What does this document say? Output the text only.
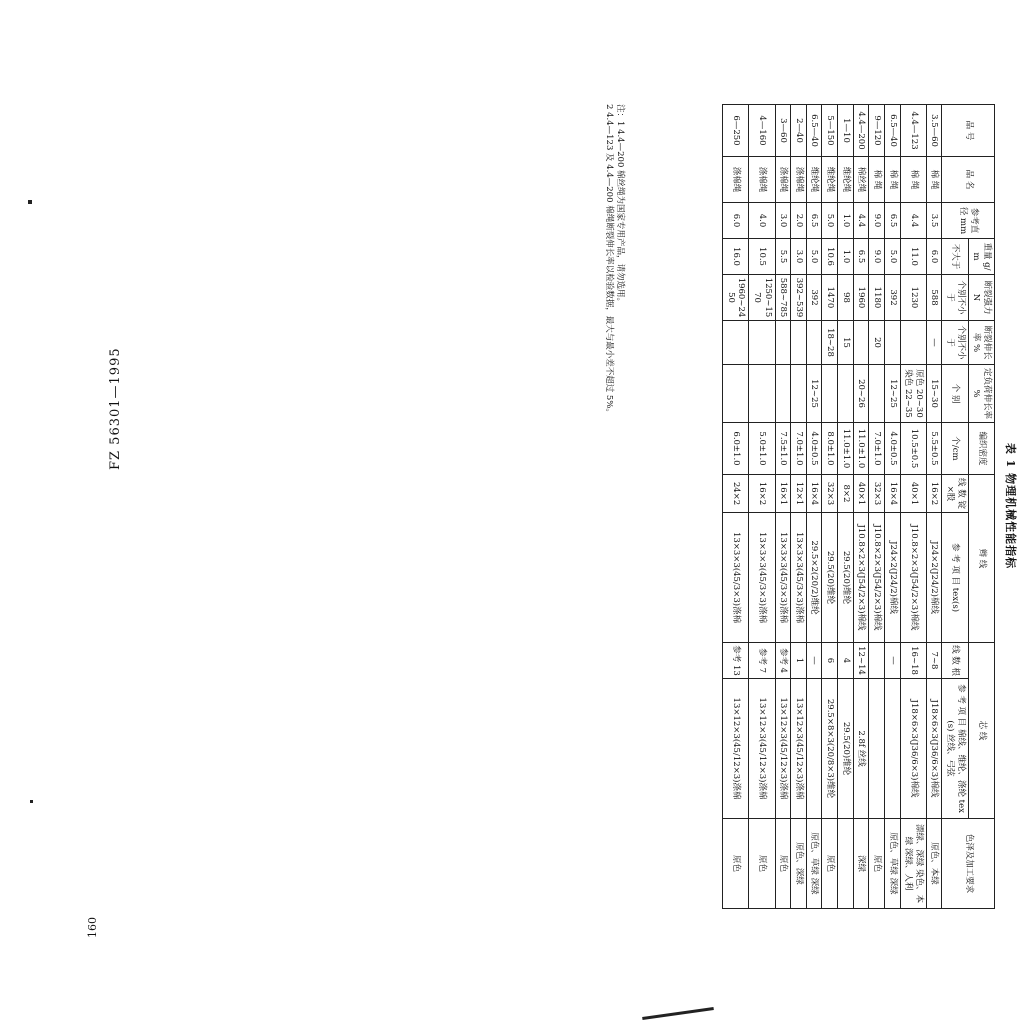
FZ 56301—1995
160
表 1 物理机械性能指标
品 号	品 名	参考直径 mm	重量 g/m	断裂强力 N	断裂伸长率 %	定负荷伸长率 %	编织密度	辫 线		芯 线		色泽及加工要求
			不大于	个别不小于	个别不小于	个 别	个/cm	线 数 锭×股	参 考 项 目 tex(s)	线 数 根	参 考 项 目 棉线、维纶、涤纶 tex(s) 丝线、弓弦	

3.5—60	棉 绳	3.5	6.0	588	—	15~30	5.5±0.5	16×2	J24×2(J24/2)棉线	7~8	J18×6×3(J36/6×3)棉线	原色、本绿
4.4—123	棉 绳	4.4	11.0	1230		原色 20~30 染色 22~35	10.5±0.5	40×1	J10.8×2×3(J54/2×3)棉线	16~18	J18×6×3(J36/6×3)棉线	漂绿、深绿 染色、本绿 深绿、人利
6.5—40	棉 绳	6.5	5.0	392		12~25	4.0±0.5	16×4	J24×2(J24/2)棉线	—		原色、草绿 深绿
9—120	棉 绳	9.0	9.0	1180	20		7.0±1.0	32×3	J10.8×2×3(J54/2×3)棉线			原色
4.4—200	棉丝绳	4.4	6.5	1960		20~26	11.0±1.0	40×1	J10.8×2×3(J54/2×3)棉线	12~14	2.8f 丝线	深绿
1—10	维纶绳	1.0	1.0	98	15		11.0±1.0	8×2	29.5(20)维纶	4	29.5(20)维纶	
5—150	维纶绳	5.0	10.6	1470	18~28		8.0±1.0	32×3	29.5(20)维纶	6	29.5×8×3(20/8×3)维纶	原色
6.5—40	维纶绳	6.5	5.0	392		12~25	4.0±0.5	16×4	29.5×2(20/2)维纶	—		原色、草绿 深绿
2—40	涤棉绳	2.0	3.0	392~539			7.0±1.0	12×1	13×3×3(45/3×3)涤棉	1	13×12×3(45/12×3)涤棉	原色、深绿
3—60	涤棉绳	3.0	5.5	588~785			7.5±1.0	16×1	13×3×3(45/3×3)涤棉	参考 4	13×12×3(45/12×3)涤棉	原色
4—160	涤棉绳	4.0	10.5	1250~1570			5.0±1.0	16×2	13×3×3(45/3×3)涤棉	参考 7	13×12×3(45/12×3)涤棉	原色
6—250	涤棉绳	6.0	16.0	1960~2450			6.0±1.0	24×2	13×3×3(45/3×3)涤棉	参考 13	13×12×3(45/12×3)涤棉	原色
注：1 4.4—200 棉丝绳为国家专用产品，请勿选用。
2 4.4—123 及 4.4—200 棉绳断裂伸长率以检验数据，最大与最小差不超过 5%。
